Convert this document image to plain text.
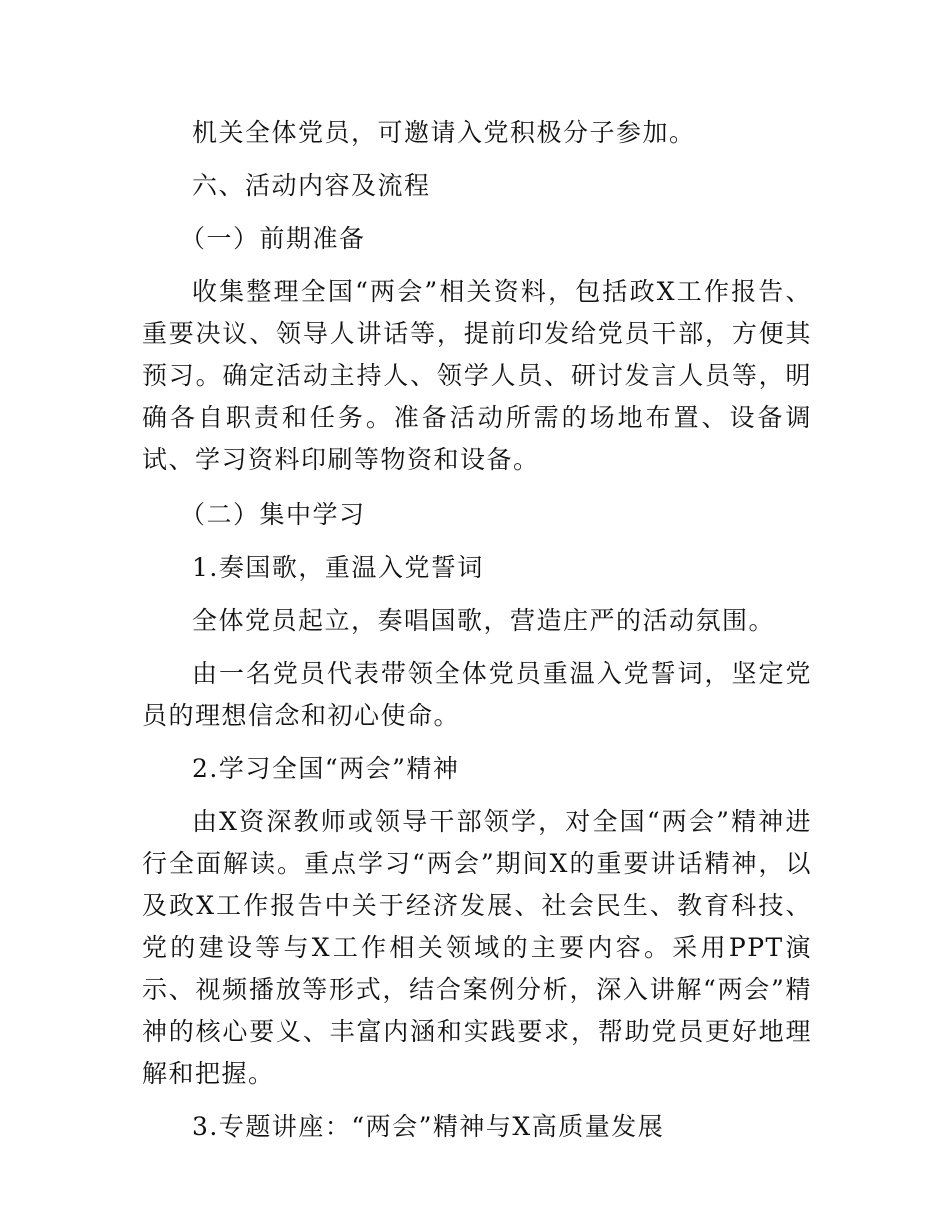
机关全体党员，可邀请入党积极分子参加。

六、活动内容及流程

（一）前期准备

收集整理全国“两会”相关资料，包括政X工作报告、重要决议、领导人讲话等，提前印发给党员干部，方便其预习。确定活动主持人、领学人员、研讨发言人员等，明确各自职责和任务。准备活动所需的场地布置、设备调试、学习资料印刷等物资和设备。

（二）集中学习

1.奏国歌，重温入党誓词

全体党员起立，奏唱国歌，营造庄严的活动氛围。

由一名党员代表带领全体党员重温入党誓词，坚定党员的理想信念和初心使命。

2.学习全国“两会”精神

由X资深教师或领导干部领学，对全国“两会”精神进行全面解读。重点学习“两会”期间X的重要讲话精神，以及政X工作报告中关于经济发展、社会民生、教育科技、党的建设等与X工作相关领域的主要内容。采用PPT演示、视频播放等形式，结合案例分析，深入讲解“两会”精神的核心要义、丰富内涵和实践要求，帮助党员更好地理解和把握。

3.专题讲座：“两会”精神与X高质量发展
